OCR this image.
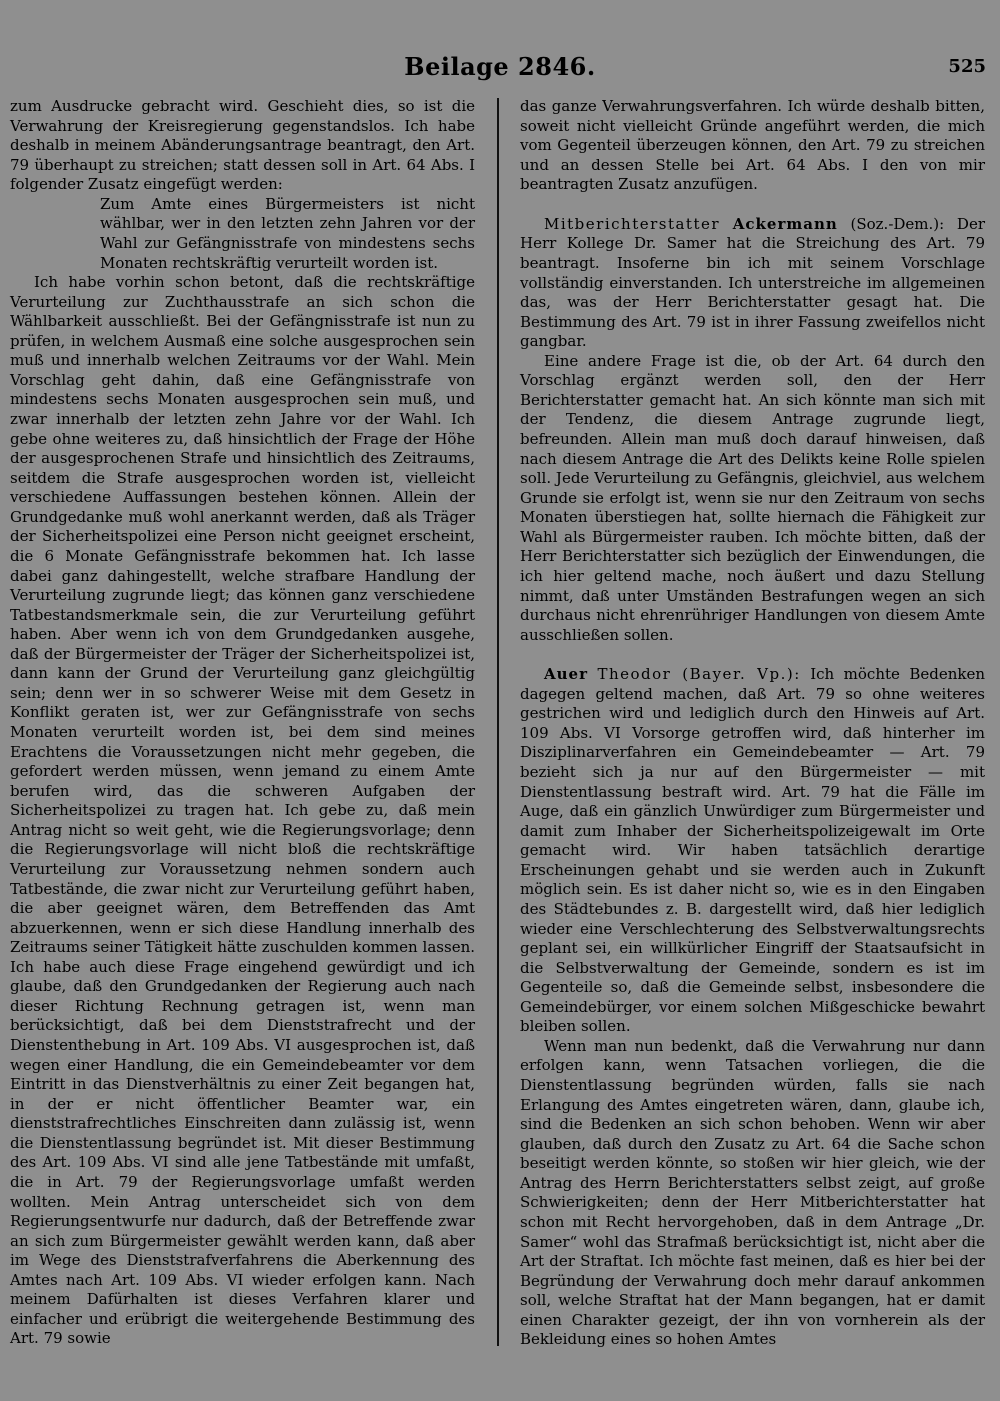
Beilage 2846.	525

zum Ausdrucke gebracht wird. Geschieht dies, so ist die Verwahrung der Kreisregierung gegenstandslos. Ich habe deshalb in meinem Abänderungsantrage beantragt, den Art. 79 überhaupt zu streichen; statt dessen soll in Art. 64 Abs. I folgender Zusatz eingefügt werden:

Zum Amte eines Bürgermeisters ist nicht wählbar, wer in den letzten zehn Jahren vor der Wahl zur Gefängnisstrafe von mindestens sechs Monaten rechtskräftig verurteilt worden ist.

Ich habe vorhin schon betont, daß die rechtskräftige Verurteilung zur Zuchthausstrafe an sich schon die Wählbarkeit ausschließt. Bei der Gefängnisstrafe ist nun zu prüfen, in welchem Ausmaß eine solche ausgesprochen sein muß und innerhalb welchen Zeitraums vor der Wahl. Mein Vorschlag geht dahin, daß eine Gefängnisstrafe von mindestens sechs Monaten ausgesprochen sein muß, und zwar innerhalb der letzten zehn Jahre vor der Wahl. Ich gebe ohne weiteres zu, daß hinsichtlich der Frage der Höhe der ausgesprochenen Strafe und hinsichtlich des Zeitraums, seitdem die Strafe ausgesprochen worden ist, vielleicht verschiedene Auffassungen bestehen können. Allein der Grundgedanke muß wohl anerkannt werden, daß als Träger der Sicherheitspolizei eine Person nicht geeignet erscheint, die 6 Monate Gefängnisstrafe bekommen hat. Ich lasse dabei ganz dahingestellt, welche strafbare Handlung der Verurteilung zugrunde liegt; das können ganz verschiedene Tatbestandsmerkmale sein, die zur Verurteilung geführt haben. Aber wenn ich von dem Grundgedanken ausgehe, daß der Bürgermeister der Träger der Sicherheitspolizei ist, dann kann der Grund der Verurteilung ganz gleichgültig sein; denn wer in so schwerer Weise mit dem Gesetz in Konflikt geraten ist, wer zur Gefängnisstrafe von sechs Monaten verurteilt worden ist, bei dem sind meines Erachtens die Voraussetzungen nicht mehr gegeben, die gefordert werden müssen, wenn jemand zu einem Amte berufen wird, das die schweren Aufgaben der Sicherheitspolizei zu tragen hat. Ich gebe zu, daß mein Antrag nicht so weit geht, wie die Regierungsvorlage; denn die Regierungsvorlage will nicht bloß die rechtskräftige Verurteilung zur Voraussetzung nehmen sondern auch Tatbestände, die zwar nicht zur Verurteilung geführt haben, die aber geeignet wären, dem Betreffenden das Amt abzuerkennen, wenn er sich diese Handlung innerhalb des Zeitraums seiner Tätigkeit hätte zuschulden kommen lassen. Ich habe auch diese Frage eingehend gewürdigt und ich glaube, daß den Grundgedanken der Regierung auch nach dieser Richtung Rechnung getragen ist, wenn man berücksichtigt, daß bei dem Dienststrafrecht und der Dienstenthebung in Art. 109 Abs. VI ausgesprochen ist, daß wegen einer Handlung, die ein Gemeindebeamter vor dem Eintritt in das Dienstverhältnis zu einer Zeit begangen hat, in der er nicht öffentlicher Beamter war, ein dienststrafrechtliches Einschreiten dann zulässig ist, wenn die Dienstentlassung begründet ist. Mit dieser Bestimmung des Art. 109 Abs. VI sind alle jene Tatbestände mit umfaßt, die in Art. 79 der Regierungsvorlage umfaßt werden wollten. Mein Antrag unterscheidet sich von dem Regierungsentwurfe nur dadurch, daß der Betreffende zwar an sich zum Bürgermeister gewählt werden kann, daß aber im Wege des Dienststrafverfahrens die Aberkennung des Amtes nach Art. 109 Abs. VI wieder erfolgen kann. Nach meinem Dafürhalten ist dieses Verfahren klarer und einfacher und erübrigt die weitergehende Bestimmung des Art. 79 sowie

das ganze Verwahrungsverfahren. Ich würde deshalb bitten, soweit nicht vielleicht Gründe angeführt werden, die mich vom Gegenteil überzeugen können, den Art. 79 zu streichen und an dessen Stelle bei Art. 64 Abs. I den von mir beantragten Zusatz anzufügen.

Mitberichterstatter Ackermann (Soz.-Dem.): Der Herr Kollege Dr. Samer hat die Streichung des Art. 79 beantragt. Insoferne bin ich mit seinem Vorschlage vollständig einverstanden. Ich unterstreiche im allgemeinen das, was der Herr Berichterstatter gesagt hat. Die Bestimmung des Art. 79 ist in ihrer Fassung zweifellos nicht gangbar.

Eine andere Frage ist die, ob der Art. 64 durch den Vorschlag ergänzt werden soll, den der Herr Berichterstatter gemacht hat. An sich könnte man sich mit der Tendenz, die diesem Antrage zugrunde liegt, befreunden. Allein man muß doch darauf hinweisen, daß nach diesem Antrage die Art des Delikts keine Rolle spielen soll. Jede Verurteilung zu Gefängnis, gleichviel, aus welchem Grunde sie erfolgt ist, wenn sie nur den Zeitraum von sechs Monaten überstiegen hat, sollte hiernach die Fähigkeit zur Wahl als Bürgermeister rauben. Ich möchte bitten, daß der Herr Berichterstatter sich bezüglich der Einwendungen, die ich hier geltend mache, noch äußert und dazu Stellung nimmt, daß unter Umständen Bestrafungen wegen an sich durchaus nicht ehrenrühriger Handlungen von diesem Amte ausschließen sollen.

Auer Theodor (Bayer. Vp.): Ich möchte Bedenken dagegen geltend machen, daß Art. 79 so ohne weiteres gestrichen wird und lediglich durch den Hinweis auf Art. 109 Abs. VI Vorsorge getroffen wird, daß hinterher im Disziplinarverfahren ein Gemeindebeamter — Art. 79 bezieht sich ja nur auf den Bürgermeister — mit Dienstentlassung bestraft wird. Art. 79 hat die Fälle im Auge, daß ein gänzlich Unwürdiger zum Bürgermeister und damit zum Inhaber der Sicherheitspolizeigewalt im Orte gemacht wird. Wir haben tatsächlich derartige Erscheinungen gehabt und sie werden auch in Zukunft möglich sein. Es ist daher nicht so, wie es in den Eingaben des Städtebundes z. B. dargestellt wird, daß hier lediglich wieder eine Verschlechterung des Selbstverwaltungsrechts geplant sei, ein willkürlicher Eingriff der Staatsaufsicht in die Selbstverwaltung der Gemeinde, sondern es ist im Gegenteile so, daß die Gemeinde selbst, insbesondere die Gemeindebürger, vor einem solchen Mißgeschicke bewahrt bleiben sollen.

Wenn man nun bedenkt, daß die Verwahrung nur dann erfolgen kann, wenn Tatsachen vorliegen, die die Dienstentlassung begründen würden, falls sie nach Erlangung des Amtes eingetreten wären, dann, glaube ich, sind die Bedenken an sich schon behoben. Wenn wir aber glauben, daß durch den Zusatz zu Art. 64 die Sache schon beseitigt werden könnte, so stoßen wir hier gleich, wie der Antrag des Herrn Berichterstatters selbst zeigt, auf große Schwierigkeiten; denn der Herr Mitberichterstatter hat schon mit Recht hervorgehoben, daß in dem Antrage „Dr. Samer“ wohl das Strafmaß berücksichtigt ist, nicht aber die Art der Straftat. Ich möchte fast meinen, daß es hier bei der Begründung der Verwahrung doch mehr darauf ankommen soll, welche Straftat hat der Mann begangen, hat er damit einen Charakter gezeigt, der ihn von vornherein als der Bekleidung eines so hohen Amtes
